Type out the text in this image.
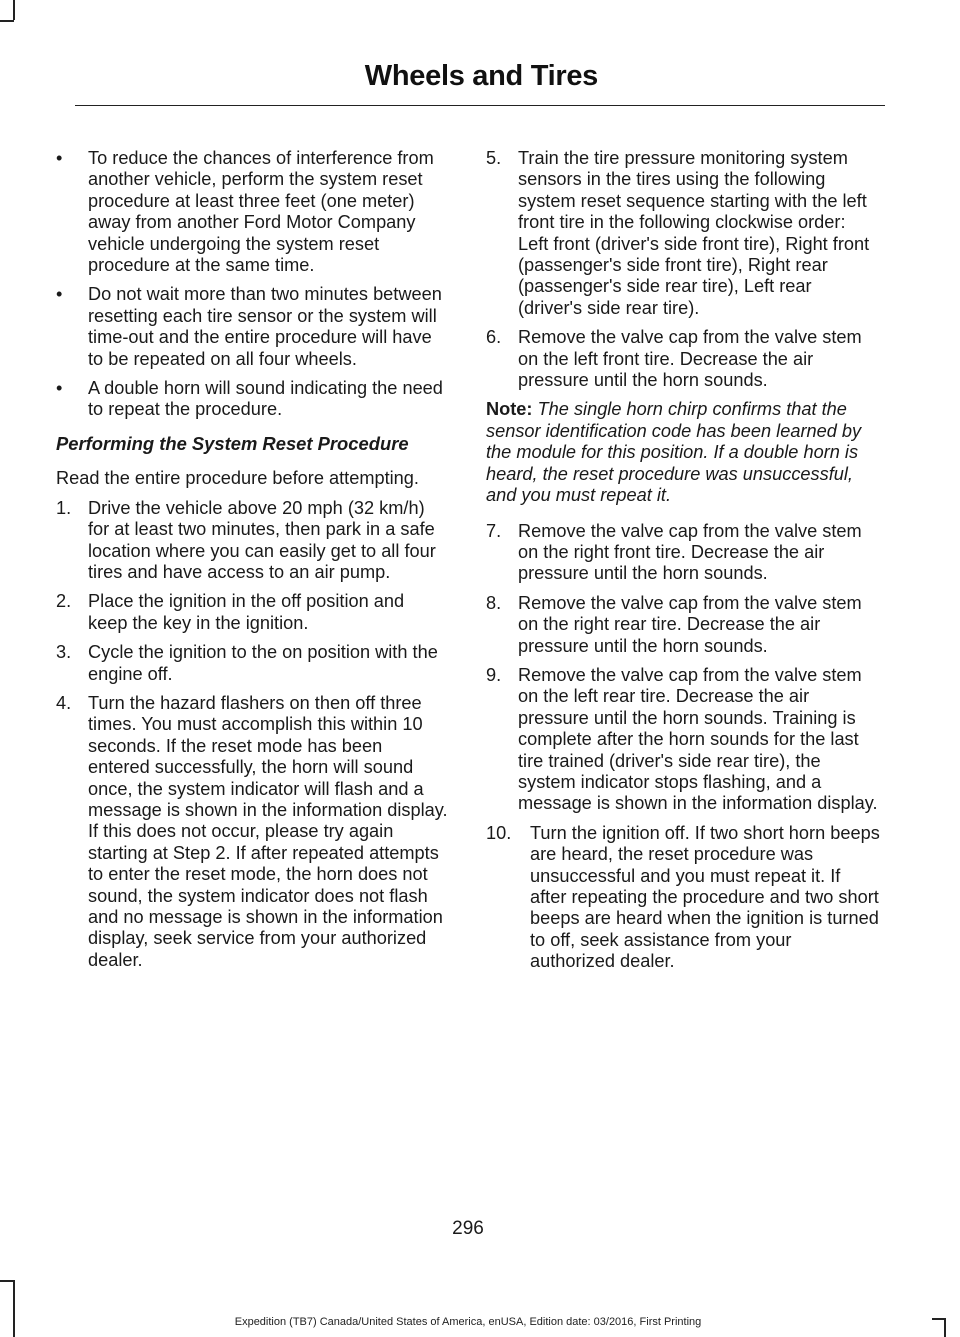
Wheels and Tires
• To reduce the chances of interference from another vehicle, perform the system reset procedure at least three feet (one meter) away from another Ford Motor Company vehicle undergoing the system reset procedure at the same time.
• Do not wait more than two minutes between resetting each tire sensor or the system will time-out and the entire procedure will have to be repeated on all four wheels.
• A double horn will sound indicating the need to repeat the procedure.
Performing the System Reset Procedure

Read the entire procedure before attempting.

1. Drive the vehicle above 20 mph (32 km/h) for at least two minutes, then park in a safe location where you can easily get to all four tires and have access to an air pump.
2. Place the ignition in the off position and keep the key in the ignition.
3. Cycle the ignition to the on position with the engine off.
4. Turn the hazard flashers on then off three times. You must accomplish this within 10 seconds. If the reset mode has been entered successfully, the horn will sound once, the system indicator will flash and a message is shown in the information display. If this does not occur, please try again starting at Step 2. If after repeated attempts to enter the reset mode, the horn does not sound, the system indicator does not flash and no message is shown in the information display, seek service from your authorized dealer.
5. Train the tire pressure monitoring system sensors in the tires using the following system reset sequence starting with the left front tire in the following clockwise order: Left front (driver's side front tire), Right front (passenger's side front tire), Right rear (passenger's side rear tire), Left rear (driver's side rear tire).
6. Remove the valve cap from the valve stem on the left front tire. Decrease the air pressure until the horn sounds.
Note: The single horn chirp confirms that the sensor identification code has been learned by the module for this position. If a double horn is heard, the reset procedure was unsuccessful, and you must repeat it.
7. Remove the valve cap from the valve stem on the right front tire. Decrease the air pressure until the horn sounds.
8. Remove the valve cap from the valve stem on the right rear tire. Decrease the air pressure until the horn sounds.
9. Remove the valve cap from the valve stem on the left rear tire. Decrease the air pressure until the horn sounds. Training is complete after the horn sounds for the last tire trained (driver's side rear tire), the system indicator stops flashing, and a message is shown in the information display.
10. Turn the ignition off. If two short horn beeps are heard, the reset procedure was unsuccessful and you must repeat it. If after repeating the procedure and two short beeps are heard when the ignition is turned to off, seek assistance from your authorized dealer.
296
Expedition (TB7) Canada/United States of America, enUSA, Edition date: 03/2016, First Printing
